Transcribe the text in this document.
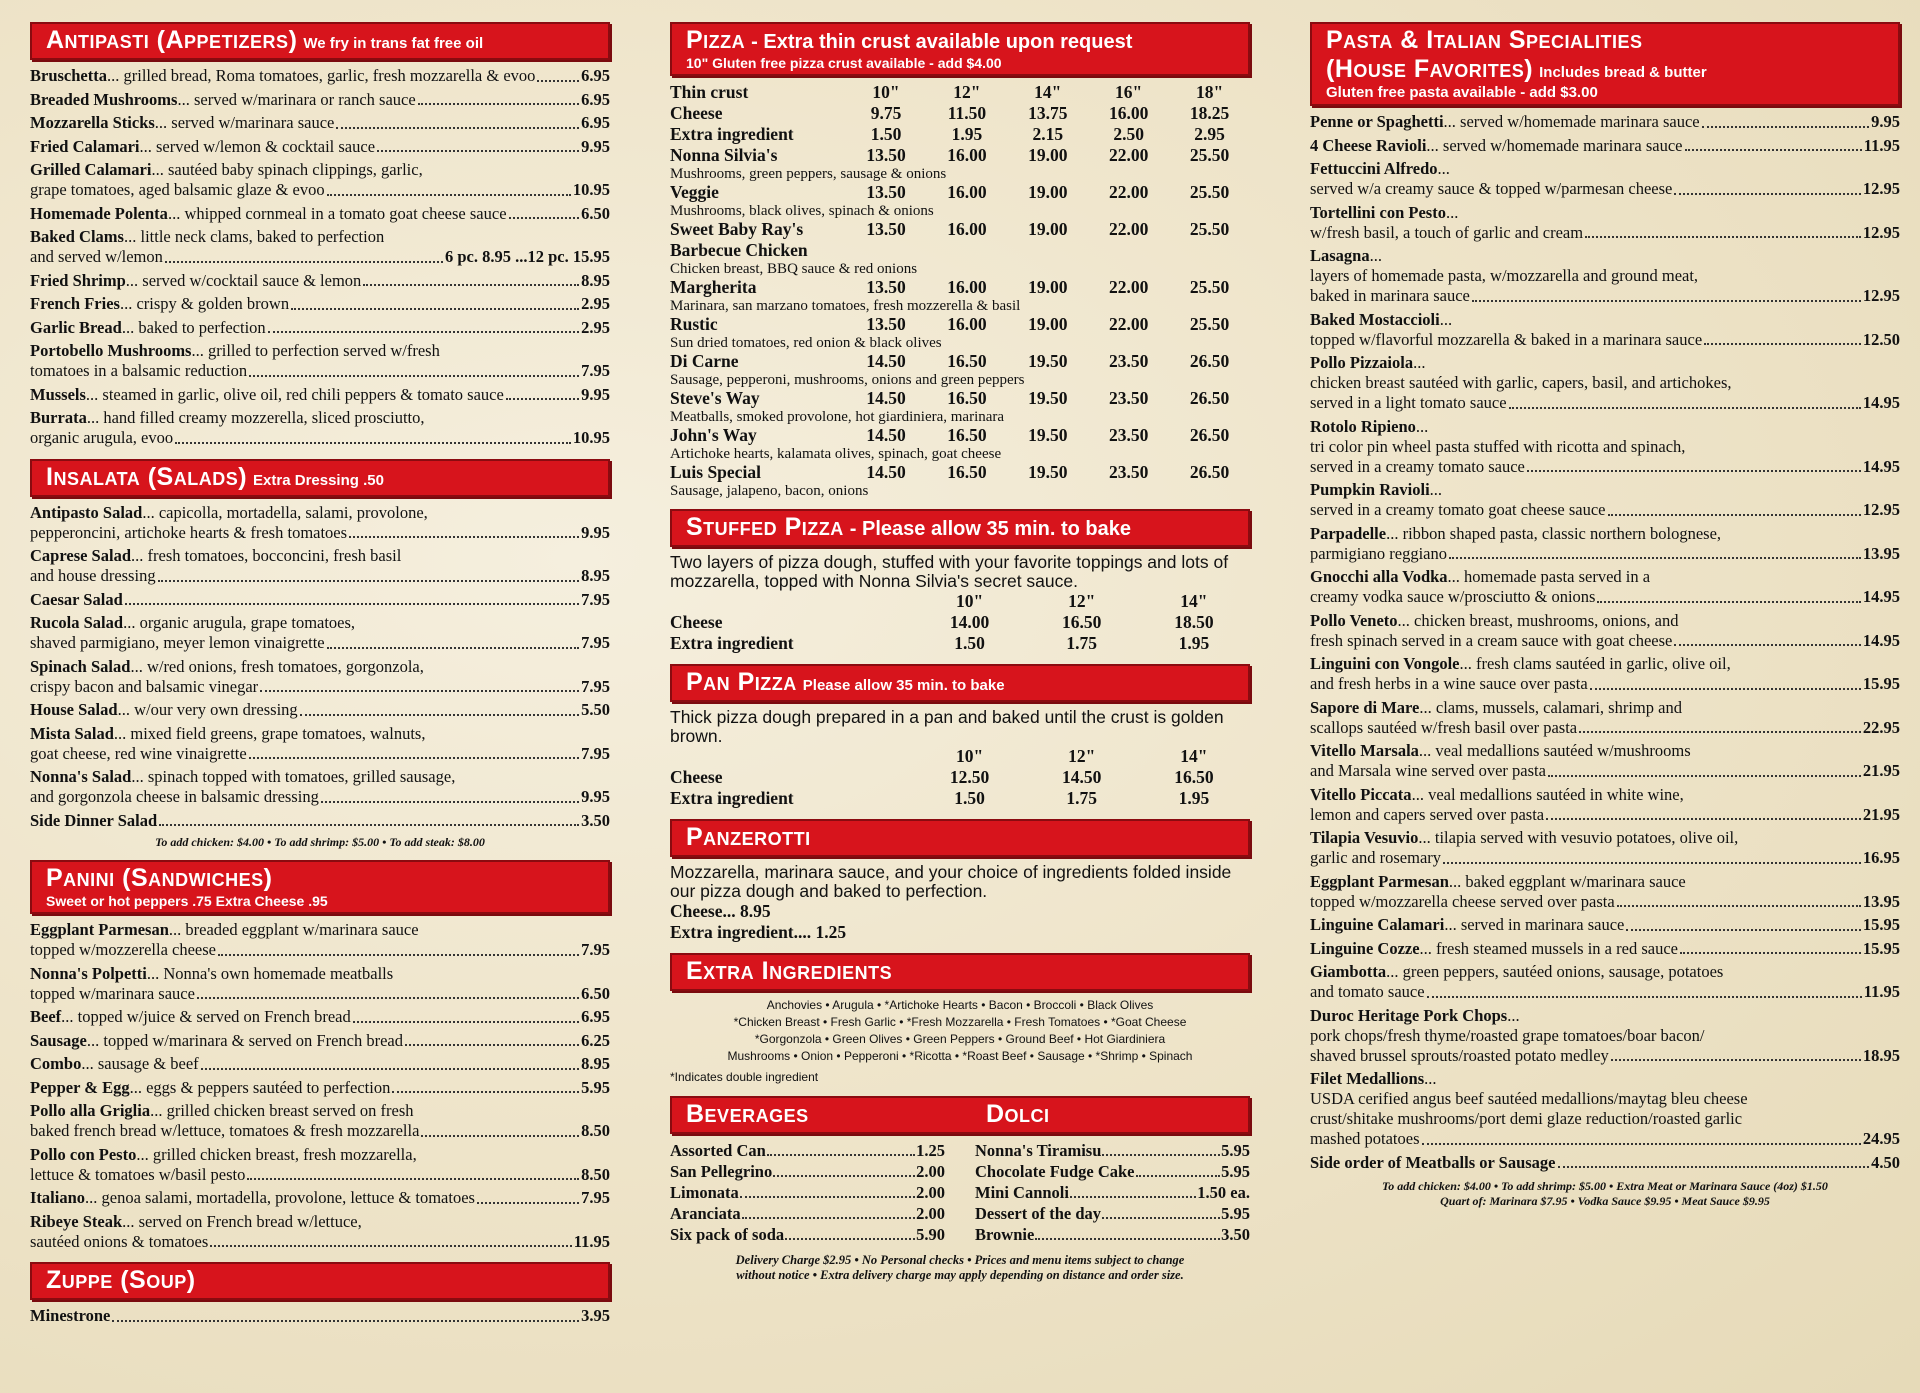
Antipasti (Appetizers) We fry in trans fat free oil
Bruschetta... grilled bread, Roma tomatoes, garlic, fresh mozzarella & evoo	6.95
Breaded Mushrooms... served w/marinara or ranch sauce	6.95
Mozzarella Sticks... served w/marinara sauce	6.95
Fried Calamari... served w/lemon & cocktail sauce	9.95
Grilled Calamari... sautéed baby spinach clippings, garlic,
grape tomatoes, aged balsamic glaze & evoo	10.95
Homemade Polenta... whipped cornmeal in a tomato goat cheese sauce	6.50
Baked Clams... little neck clams, baked to perfection
and served w/lemon	6 pc. 8.95 ...12 pc. 15.95
Fried Shrimp... served w/cocktail sauce & lemon	8.95
French Fries... crispy & golden brown	2.95
Garlic Bread... baked to perfection	2.95
Portobello Mushrooms... grilled to perfection served w/fresh
tomatoes in a balsamic reduction	7.95
Mussels... steamed in garlic, olive oil, red chili peppers & tomato sauce	9.95
Burrata... hand filled creamy mozzerella, sliced prosciutto,
organic arugula, evoo	10.95
Insalata (Salads) Extra Dressing .50
Antipasto Salad... capicolla, mortadella, salami, provolone,
pepperoncini, artichoke hearts & fresh tomatoes	9.95
Caprese Salad... fresh tomatoes, bocconcini, fresh basil
and house dressing	8.95
Caesar Salad	7.95
Rucola Salad... organic arugula, grape tomatoes,
shaved parmigiano, meyer lemon vinaigrette	7.95
Spinach Salad... w/red onions, fresh tomatoes, gorgonzola,
crispy bacon and balsamic vinegar	7.95
House Salad... w/our very own dressing	5.50
Mista Salad... mixed field greens, grape tomatoes, walnuts,
goat cheese, red wine vinaigrette	7.95
Nonna's Salad... spinach topped with tomatoes, grilled sausage,
and gorgonzola cheese in balsamic dressing	9.95
Side Dinner Salad	3.50
To add chicken: $4.00 • To add shrimp: $5.00 • To add steak: $8.00
Panini (Sandwiches)
Sweet or hot peppers .75 Extra Cheese .95
Eggplant Parmesan... breaded eggplant w/marinara sauce
topped w/mozzerella cheese	7.95
Nonna's Polpetti... Nonna's own homemade meatballs
topped w/marinara sauce	6.50
Beef... topped w/juice & served on French bread	6.95
Sausage... topped w/marinara & served on French bread	6.25
Combo... sausage & beef	8.95
Pepper & Egg... eggs & peppers sautéed to perfection	5.95
Pollo alla Griglia... grilled chicken breast served on fresh
baked french bread w/lettuce, tomatoes & fresh mozzarella	8.50
Pollo con Pesto... grilled chicken breast, fresh mozzarella,
lettuce & tomatoes w/basil pesto	8.50
Italiano... genoa salami, mortadella, provolone, lettuce & tomatoes	7.95
Ribeye Steak... served on French bread w/lettuce,
sautéed onions & tomatoes	11.95
Zuppe (Soup)
Minestrone	3.95
Pizza - Extra thin crust available upon request
10" Gluten free pizza crust available - add $4.00
Thin crust	10"	12"	14"	16"	18"
Cheese	9.75	11.50	13.75	16.00	18.25
Extra ingredient	1.50	1.95	2.15	2.50	2.95
Nonna Silvia's	13.50	16.00	19.00	22.00	25.50
Mushrooms, green peppers, sausage & onions					
Veggie	13.50	16.00	19.00	22.00	25.50
Mushrooms, black olives, spinach & onions					
Sweet Baby Ray's Barbecue Chicken	13.50	16.00	19.00	22.00	25.50
Chicken breast, BBQ sauce & red onions					
Margherita	13.50	16.00	19.00	22.00	25.50
Marinara, san marzano tomatoes, fresh mozzerella & basil					
Rustic	13.50	16.00	19.00	22.00	25.50
Sun dried tomatoes, red onion & black olives					
Di Carne	14.50	16.50	19.50	23.50	26.50
Sausage, pepperoni, mushrooms, onions and green peppers					
Steve's Way	14.50	16.50	19.50	23.50	26.50
Meatballs, smoked provolone, hot giardiniera, marinara					
John's Way	14.50	16.50	19.50	23.50	26.50
Artichoke hearts, kalamata olives, spinach, goat cheese					
Luis Special	14.50	16.50	19.50	23.50	26.50
Sausage, jalapeno, bacon, onions					
Stuffed Pizza - Please allow 35 min. to bake
Two layers of pizza dough, stuffed with your favorite toppings and lots of mozzarella, topped with Nonna Silvia's secret sauce.
	10"	12"	14"
Cheese	14.00	16.50	18.50
Extra ingredient	1.50	1.75	1.95
Pan Pizza Please allow 35 min. to bake
Thick pizza dough prepared in a pan and baked until the crust is golden brown.
	10"	12"	14"
Cheese	12.50	14.50	16.50
Extra ingredient	1.50	1.75	1.95
Panzerotti
Mozzarella, marinara sauce, and your choice of ingredients folded inside our pizza dough and baked to perfection.
Cheese... 8.95
Extra ingredient.... 1.25
Extra Ingredients
Anchovies • Arugula • *Artichoke Hearts • Bacon • Broccoli • Black Olives
*Chicken Breast • Fresh Garlic • *Fresh Mozzarella • Fresh Tomatoes • *Goat Cheese
*Gorgonzola • Green Olives • Green Peppers • Ground Beef • Hot Giardiniera
Mushrooms • Onion • Pepperoni • *Ricotta • *Roast Beef • Sausage • *Shrimp • Spinach
*Indicates double ingredient
Beverages	Dolci
Assorted Can	1.25
San Pellegrino	2.00
Limonata	2.00
Aranciata	2.00
Six pack of soda	5.90
Nonna's Tiramisu	5.95
Chocolate Fudge Cake	5.95
Mini Cannoli	1.50 ea.
Dessert of the day	5.95
Brownie	3.50
Delivery Charge $2.95 • No Personal checks • Prices and menu items subject to change
without notice • Extra delivery charge may apply depending on distance and order size.
Pasta & Italian Specialities
(House Favorites) Includes bread & butter
Gluten free pasta available - add $3.00
Penne or Spaghetti... served w/homemade marinara sauce	9.95
4 Cheese Ravioli... served w/homemade marinara sauce	11.95
Fettuccini Alfredo...
served w/a creamy sauce & topped w/parmesan cheese	12.95
Tortellini con Pesto...
w/fresh basil, a touch of garlic and cream	12.95
Lasagna...
layers of homemade pasta, w/mozzarella and ground meat,
baked in marinara sauce	12.95
Baked Mostaccioli...
topped w/flavorful mozzarella & baked in a marinara sauce	12.50
Pollo Pizzaiola...
chicken breast sautéed with garlic, capers, basil, and artichokes,
served in a light tomato sauce	14.95
Rotolo Ripieno...
tri color pin wheel pasta stuffed with ricotta and spinach,
served in a creamy tomato sauce	14.95
Pumpkin Ravioli...
served in a creamy tomato goat cheese sauce	12.95
Parpadelle... ribbon shaped pasta, classic northern bolognese,
parmigiano reggiano	13.95
Gnocchi alla Vodka... homemade pasta served in a
creamy vodka sauce w/prosciutto & onions	14.95
Pollo Veneto... chicken breast, mushrooms, onions, and
fresh spinach served in a cream sauce with goat cheese	14.95
Linguini con Vongole... fresh clams sautéed in garlic, olive oil,
and fresh herbs in a wine sauce over pasta	15.95
Sapore di Mare... clams, mussels, calamari, shrimp and
scallops sautéed w/fresh basil over pasta	22.95
Vitello Marsala... veal medallions sautéed w/mushrooms
and Marsala wine served over pasta	21.95
Vitello Piccata... veal medallions sautéed in white wine,
lemon and capers served over pasta	21.95
Tilapia Vesuvio... tilapia served with vesuvio potatoes, olive oil,
garlic and rosemary	16.95
Eggplant Parmesan... baked eggplant w/marinara sauce
topped w/mozzarella cheese served over pasta	13.95
Linguine Calamari... served in marinara sauce	15.95
Linguine Cozze... fresh steamed mussels in a red sauce	15.95
Giambotta... green peppers, sautéed onions, sausage, potatoes
and tomato sauce	11.95
Duroc Heritage Pork Chops...
pork chops/fresh thyme/roasted grape tomatoes/boar bacon/
shaved brussel sprouts/roasted potato medley	18.95
Filet Medallions...
USDA cerified angus beef sautéed medallions/maytag bleu cheese
crust/shitake mushrooms/port demi glaze reduction/roasted garlic
mashed potatoes	24.95
Side order of Meatballs or Sausage	4.50
To add chicken: $4.00 • To add shrimp: $5.00 • Extra Meat or Marinara Sauce (4oz) $1.50
Quart of: Marinara $7.95 • Vodka Sauce $9.95 • Meat Sauce $9.95
